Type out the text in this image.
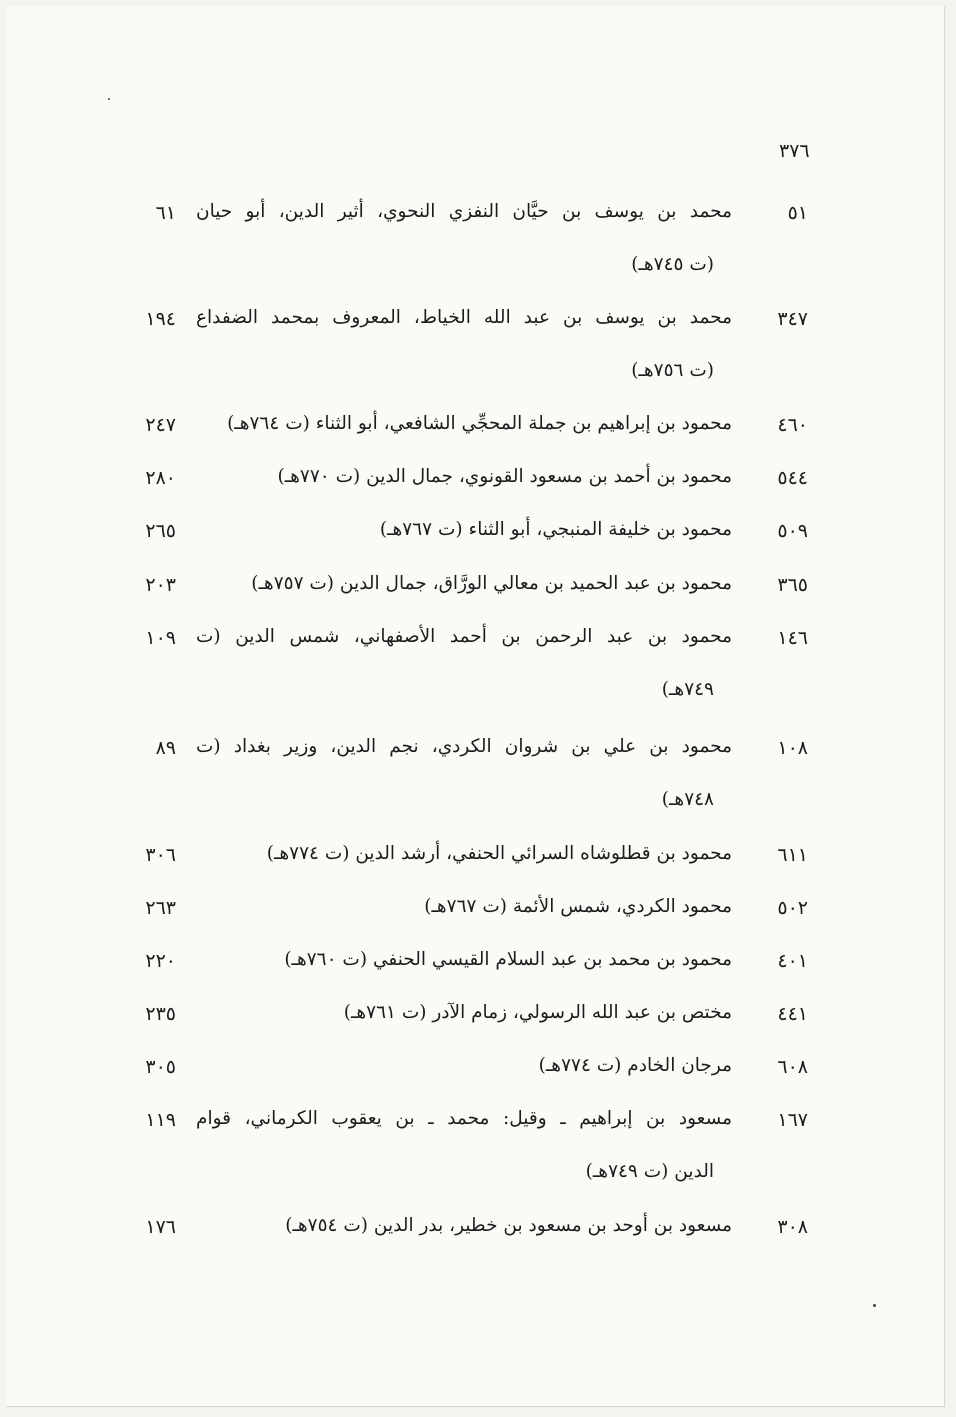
٣٧٦
٥١
محمد بن يوسف بن حيَّان النفزي النحوي، أثير الدين، أبو حيان
(ت ٧٤٥هـ)
٦١
٣٤٧
محمد بن يوسف بن عبد الله الخياط، المعروف بمحمد الضفداع
(ت ٧٥٦هـ)
١٩٤
٤٦٠
محمود بن إبراهيم بن جملة المحجِّي الشافعي، أبو الثناء (ت ٧٦٤هـ)
٢٤٧
٥٤٤
محمود بن أحمد بن مسعود القونوي، جمال الدين (ت ٧٧٠هـ)
٢٨٠
٥٠٩
محمود بن خليفة المنبجي، أبو الثناء (ت ٧٦٧هـ)
٢٦٥
٣٦٥
محمود بن عبد الحميد بن معالي الورَّاق، جمال الدين (ت ٧٥٧هـ)
٢٠٣
١٤٦
محمود بن عبد الرحمن بن أحمد الأصفهاني، شمس الدين (ت
٧٤٩هـ)
١٠٩
١٠٨
محمود بن علي بن شروان الكردي، نجم الدين، وزير بغداد (ت
٧٤٨هـ)
٨٩
٦١١
محمود بن قطلوشاه السرائي الحنفي، أرشد الدين (ت ٧٧٤هـ)
٣٠٦
٥٠٢
محمود الكردي، شمس الأئمة (ت ٧٦٧هـ)
٢٦٣
٤٠١
محمود بن محمد بن عبد السلام القيسي الحنفي (ت ٧٦٠هـ)
٢٢٠
٤٤١
مختص بن عبد الله الرسولي، زمام الآدر (ت ٧٦١هـ)
٢٣٥
٦٠٨
مرجان الخادم (ت ٧٧٤هـ)
٣٠٥
١٦٧
مسعود بن إبراهيم ـ وقيل: محمد ـ بن يعقوب الكرماني، قوام
الدين (ت ٧٤٩هـ)
١١٩
٣٠٨
مسعود بن أوحد بن مسعود بن خطير، بدر الدين (ت ٧٥٤هـ)
١٧٦
